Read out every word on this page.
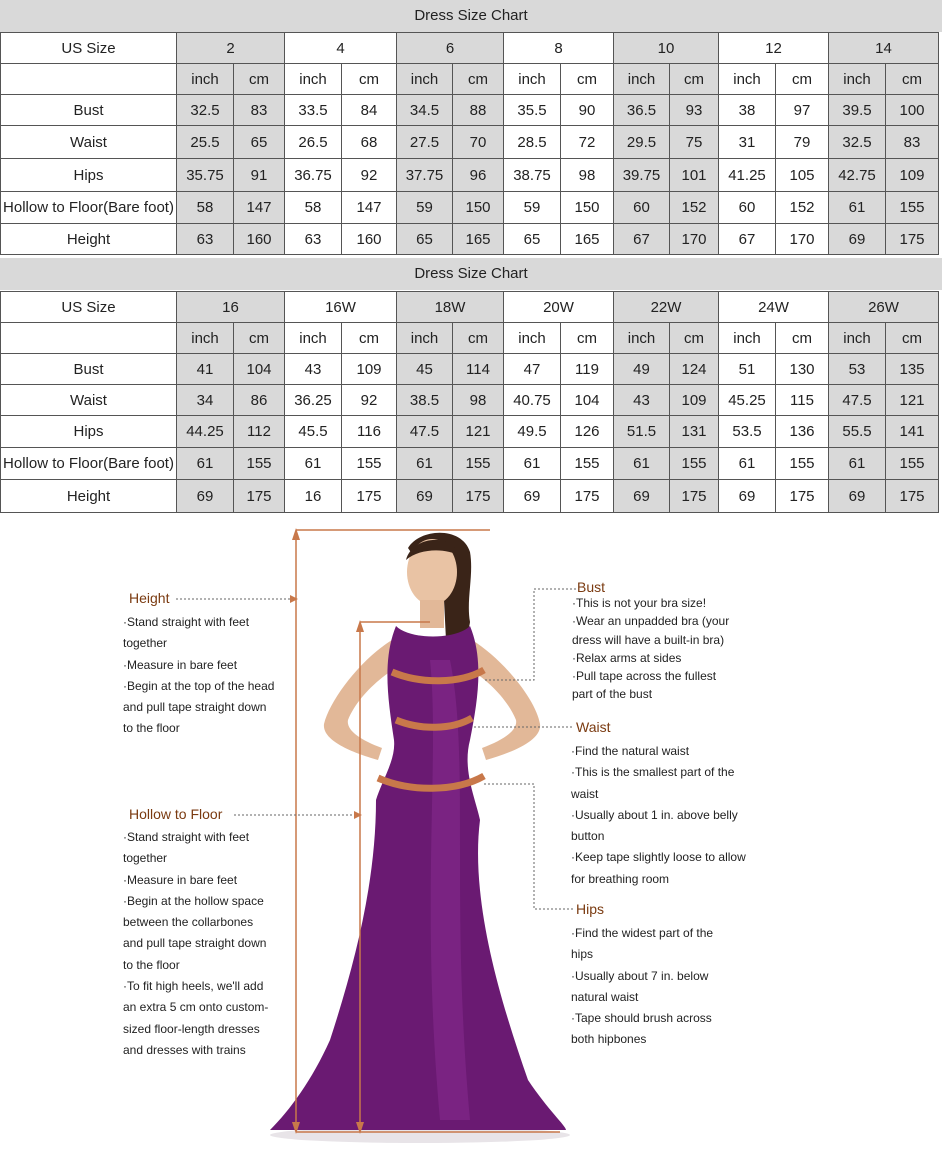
Dress Size Chart
US Size	2		4		6		8		10		12		14	
	inch	cm	inch	cm	inch	cm	inch	cm	inch	cm	inch	cm	inch	cm
Bust	32.5	83	33.5	84	34.5	88	35.5	90	36.5	93	38	97	39.5	100
Waist	25.5	65	26.5	68	27.5	70	28.5	72	29.5	75	31	79	32.5	83
Hips	35.75	91	36.75	92	37.75	96	38.75	98	39.75	101	41.25	105	42.75	109
Hollow to Floor(Bare foot)	58	147	58	147	59	150	59	150	60	152	60	152	61	155
Height	63	160	63	160	65	165	65	165	67	170	67	170	69	175
Dress Size Chart
US Size	16		16W		18W		20W		22W		24W		26W	
	inch	cm	inch	cm	inch	cm	inch	cm	inch	cm	inch	cm	inch	cm
Bust	41	104	43	109	45	114	47	119	49	124	51	130	53	135
Waist	34	86	36.25	92	38.5	98	40.75	104	43	109	45.25	115	47.5	121
Hips	44.25	112	45.5	116	47.5	121	49.5	126	51.5	131	53.5	136	55.5	141
Hollow to Floor(Bare foot)	61	155	61	155	61	155	61	155	61	155	61	155	61	155
Height	69	175	16	175	69	175	69	175	69	175	69	175	69	175
Height
·Stand straight with feet
together
·Measure in bare feet
·Begin at the top of the head
and pull tape straight down
to the floor
Hollow to Floor
·Stand straight with feet
together
·Measure in bare feet
·Begin at the hollow space
between the collarbones
and pull tape straight down
to the floor
·To fit high heels, we'll add
an extra 5 cm onto custom-
sized floor-length dresses
and dresses with trains
Bust
·This is not your bra size!
·Wear an unpadded bra (your
dress will have a built-in bra)
·Relax arms at sides
·Pull tape across the fullest
part of the bust
Waist
·Find the natural waist
·This is the smallest part of the
waist
·Usually about 1 in. above belly
button
·Keep tape slightly loose to allow
for breathing room
Hips
·Find the widest part of the
hips
·Usually about 7 in. below
natural waist
·Tape should brush across
both hipbones
